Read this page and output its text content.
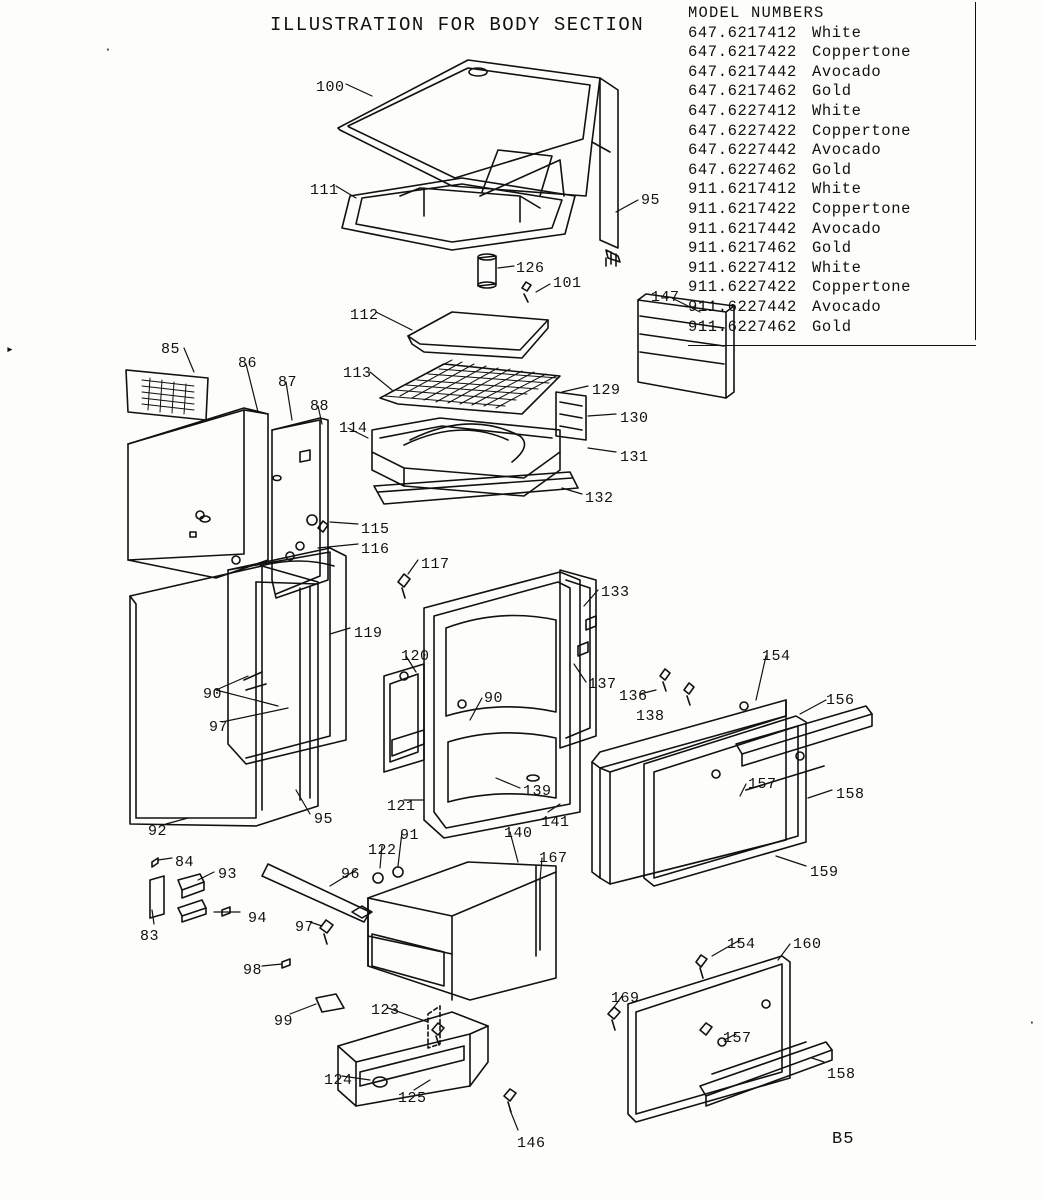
ILLUSTRATION FOR BODY SECTION
MODEL NUMBERS
647.6217412 White
647.6217422 Coppertone
647.6217442 Avocado
647.6217462 Gold
647.6227412 White
647.6227422 Coppertone
647.6227442 Avocado
647.6227462 Gold
911.6217412 White
911.6217422 Coppertone
911.6217442 Avocado
911.6217462 Gold
911.6227412 White
911.6227422 Coppertone
911.6227442 Avocado
911.6227462 Gold
B5
100
111
95
126
101
112
147
85
86
87
113
129
88
130
114
131
132
115
116
117
133
119
120	154
137
136
90	156
138
90
97
157
158
139
121
141
95
92
159
122
91	140
167
84
93	96
94
83
97
98
154 160
169
99
123
157
158
124
125
146
▸
·
·
